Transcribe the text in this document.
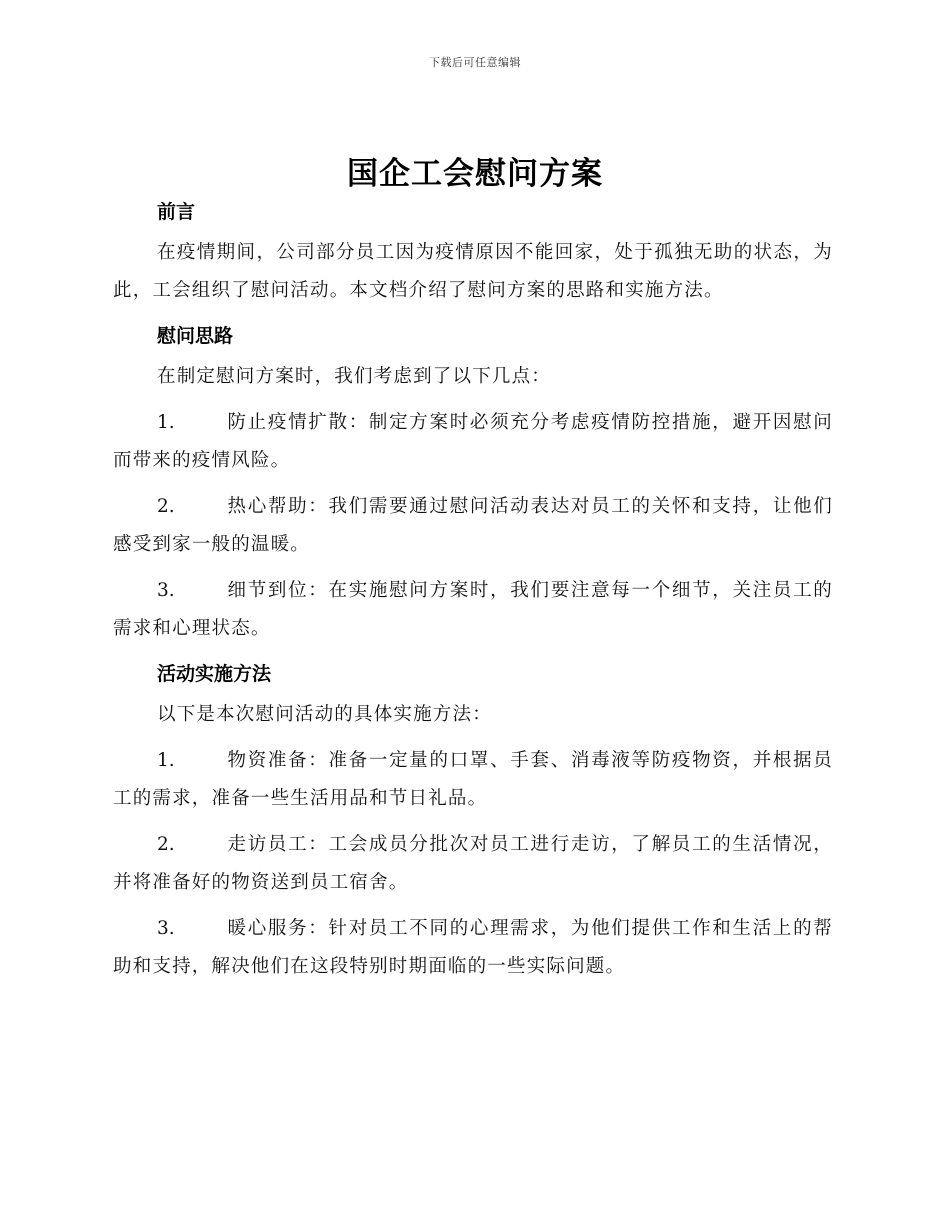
下载后可任意编辑
国企工会慰问方案
前言

在疫情期间，公司部分员工因为疫情原因不能回家，处于孤独无助的状态，为此，工会组织了慰问活动。本文档介绍了慰问方案的思路和实施方法。

慰问思路

在制定慰问方案时，我们考虑到了以下几点：

1.	防止疫情扩散：制定方案时必须充分考虑疫情防控措施，避开因慰问而带来的疫情风险。

2.	热心帮助：我们需要通过慰问活动表达对员工的关怀和支持，让他们感受到家一般的温暖。

3.	细节到位：在实施慰问方案时，我们要注意每一个细节，关注员工的需求和心理状态。

活动实施方法

以下是本次慰问活动的具体实施方法：

1.	物资准备：准备一定量的口罩、手套、消毒液等防疫物资，并根据员工的需求，准备一些生活用品和节日礼品。

2.	走访员工：工会成员分批次对员工进行走访，了解员工的生活情况，并将准备好的物资送到员工宿舍。

3.	暖心服务：针对员工不同的心理需求，为他们提供工作和生活上的帮助和支持，解决他们在这段特别时期面临的一些实际问题。
